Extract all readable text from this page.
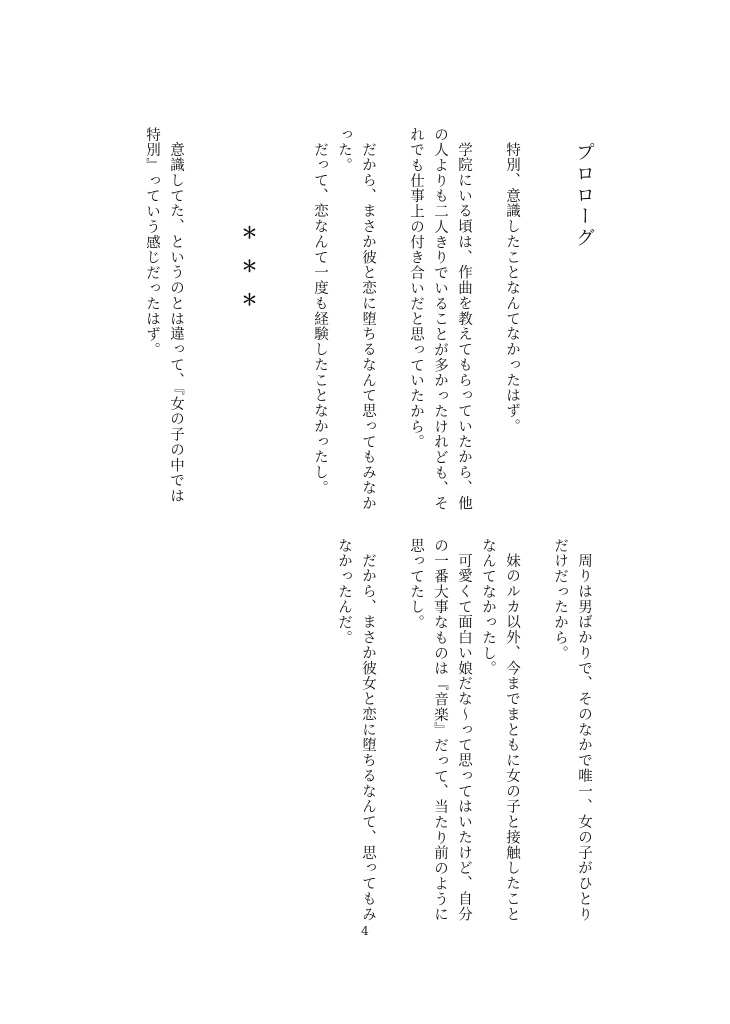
プロローグ
特別、意識したことなんてなかったはず。
学院にいる頃は、作曲を教えてもらっていたから、他
の人よりも二人きりでいることが多かったけれども、そ
れでも仕事上の付き合いだと思っていたから。
だから、まさか彼と恋に堕ちるなんて思ってもみなか
った。
だって、恋なんて一度も経験したことなかったし。
＊＊＊
意識してた、というのとは違って、『女の子の中では
特別』っていう感じだったはず。
周りは男ばかりで、そのなかで唯一、女の子がひとり
だけだったから。
妹のルカ以外、今までまともに女の子と接触したこと
なんてなかったし。
可愛くて面白い娘だな〜って思ってはいたけど、自分
の一番大事なものは『音楽』だって、当たり前のように
思ってたし。
だから、まさか彼女と恋に堕ちるなんて、思ってもみ
なかったんだ。
4
